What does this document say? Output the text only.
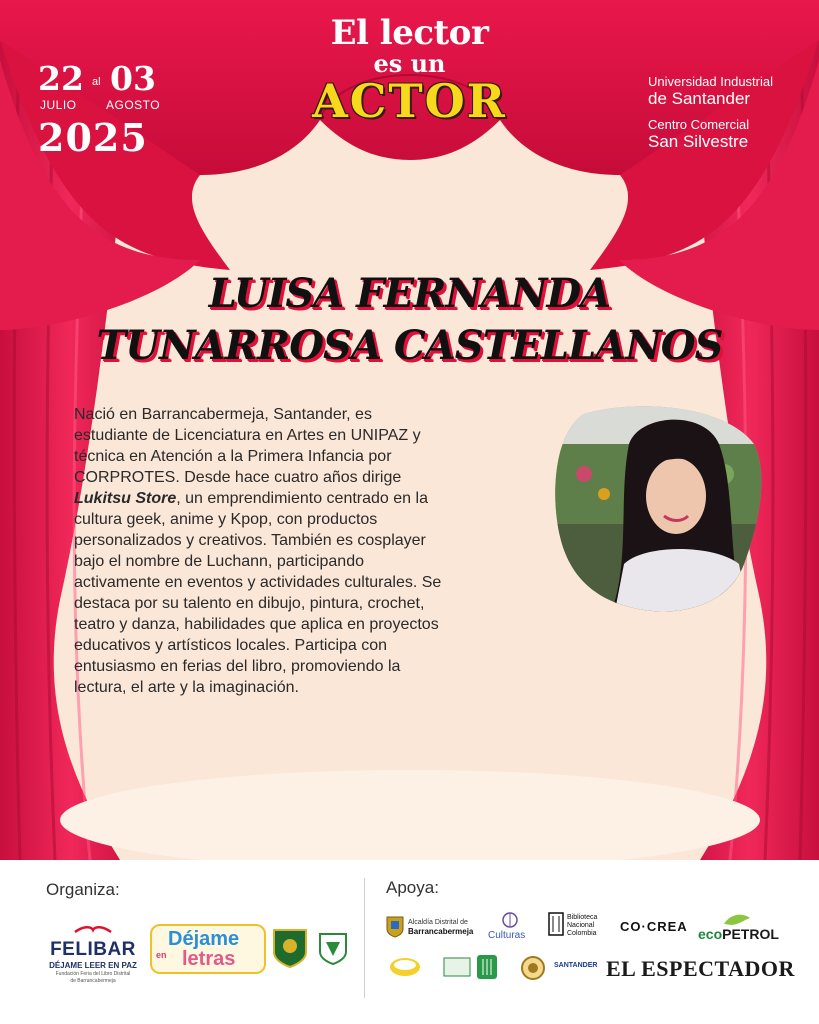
El lector
es un
ACTOR
22 al 03
JULIO AGOSTO
2025
Universidad Industrial
de Santander
Centro Comercial
San Silvestre
LUISA FERNANDA
TUNARROSA CASTELLANOS
Nació en Barrancabermeja, Santander, es
estudiante de Licenciatura en Artes en UNIPAZ y
técnica en Atención a la Primera Infancia por
CORPROTES. Desde hace cuatro años dirige
Lukitsu Store, un emprendimiento centrado en la
cultura geek, anime y Kpop, con productos
personalizados y creativos. También es cosplayer
bajo el nombre de Luchann, participando
activamente en eventos y actividades culturales. Se
destaca por su talento en dibujo, pintura, crochet,
teatro y danza, habilidades que aplica en proyectos
educativos y artísticos locales. Participa con
entusiasmo en ferias del libro, promoviendo la
lectura, el arte y la imaginación.
Organiza:	Apoya:
FELIBAR
DÉJAME LEER EN PAZ
Fundación Feria del Libro Distrital
de Barrancabermeja
Déjame
en letras
Alcaldía Distrital de
Barrancabermeja Culturas
Biblioteca
Nacional
Colombia CO·CREA ecoPETROL
SANTANDER EL ESPECTADOR
